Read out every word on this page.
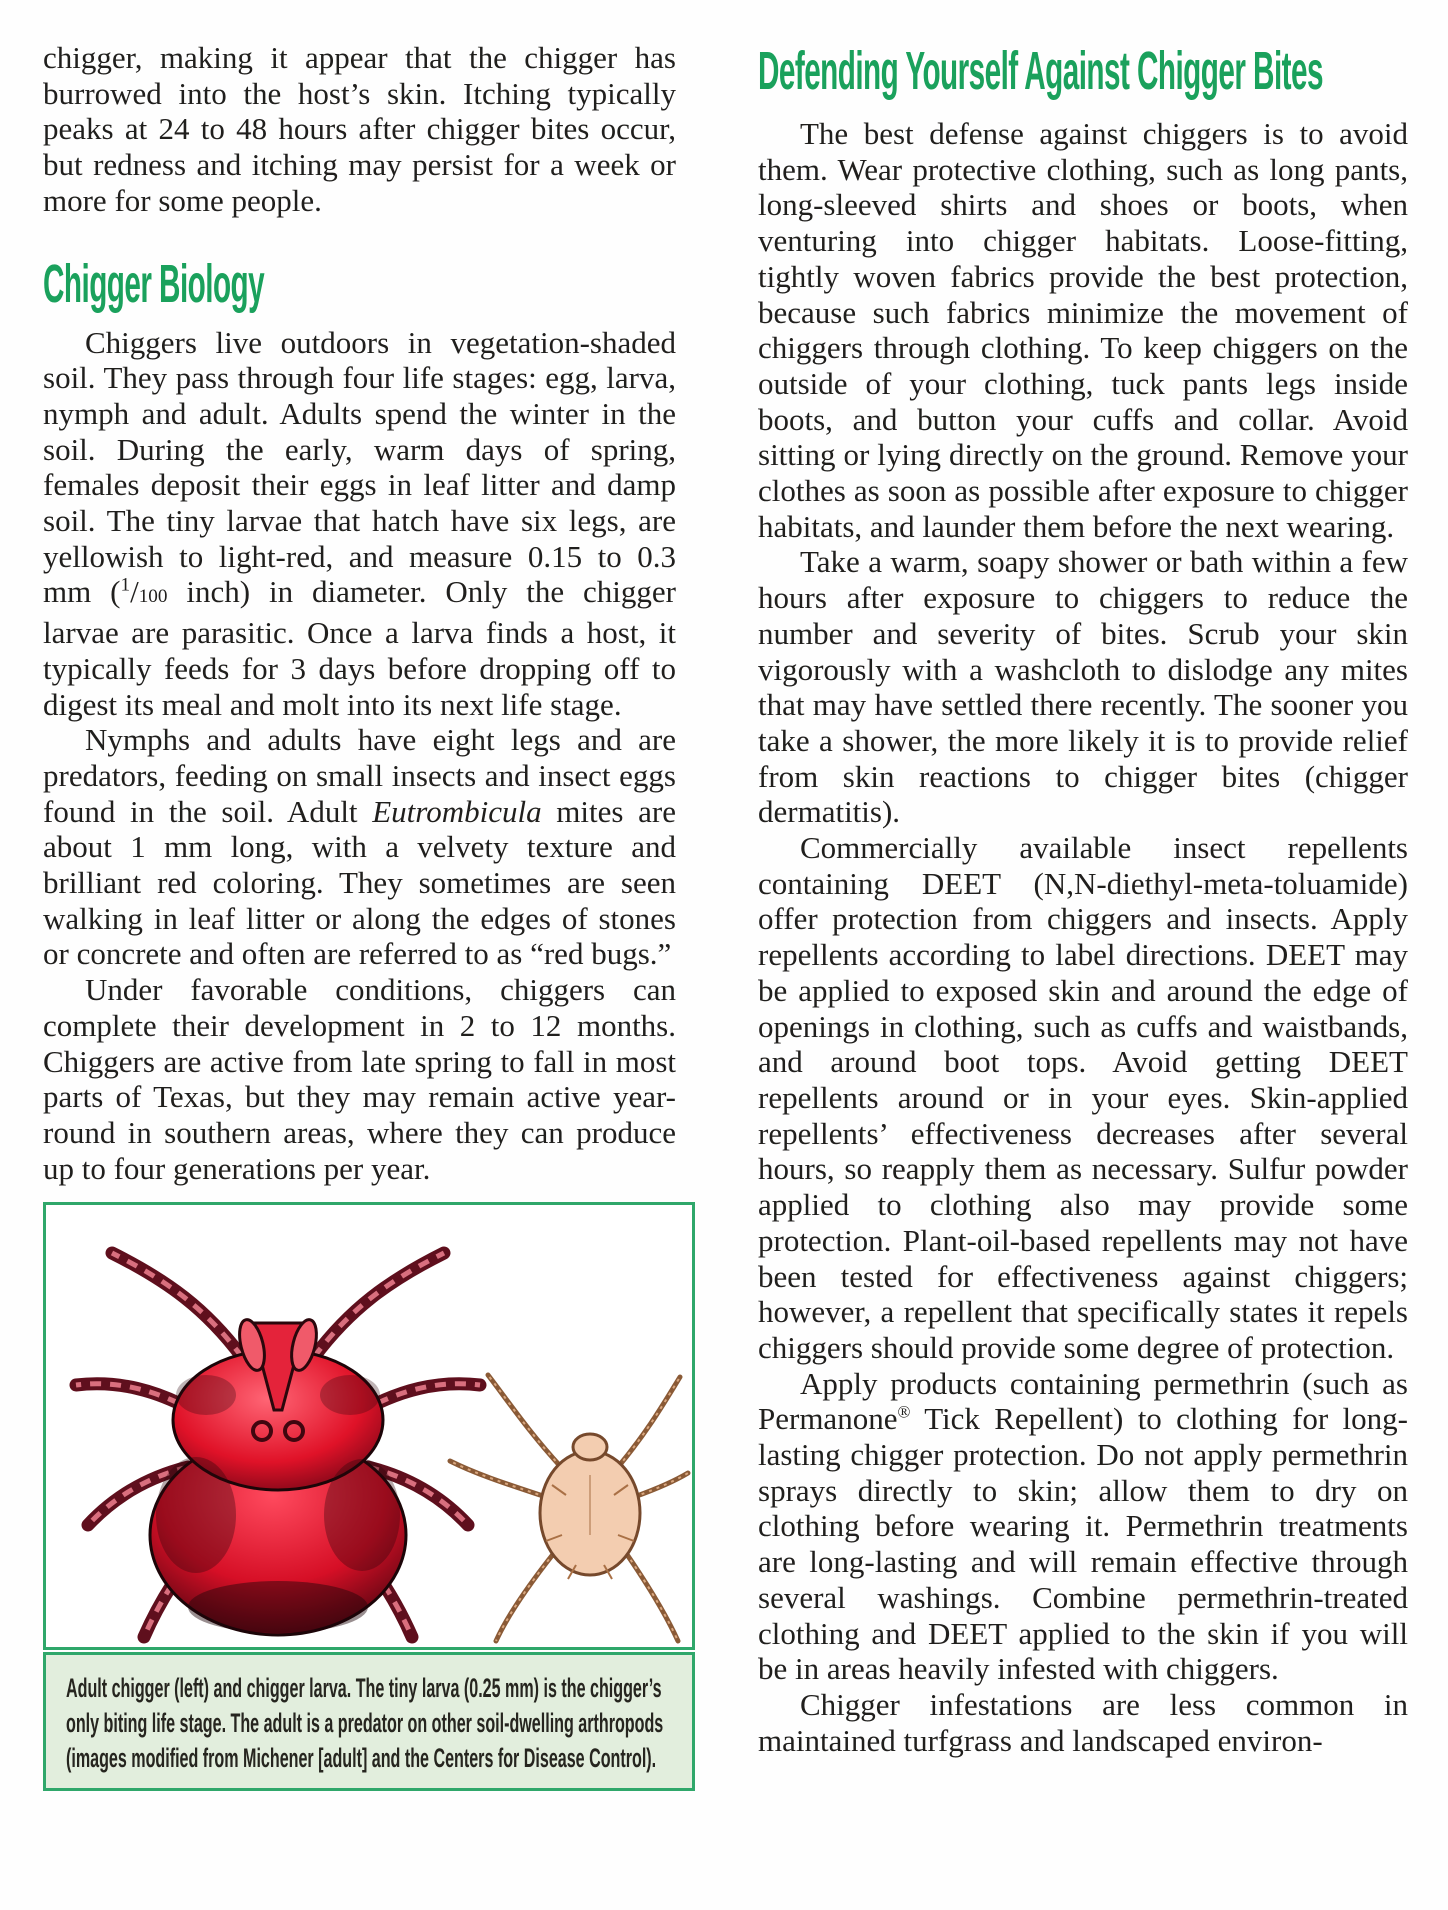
chigger, making it appear that the chigger has burrowed into the host’s skin. Itching typically peaks at 24 to 48 hours after chigger bites occur, but redness and itching may persist for a week or more for some people.

Chigger Biology

Chiggers live outdoors in vegetation-shaded soil. They pass through four life stages: egg, larva, nymph and adult. Adults spend the winter in the soil. During the early, warm days of spring, females deposit their eggs in leaf litter and damp soil. The tiny larvae that hatch have six legs, are yellowish to light-red, and measure 0.15 to 0.3 mm ($^1$/100 inch) in diameter. Only the chigger larvae are parasitic. Once a larva finds a host, it typically feeds for 3 days before dropping off to digest its meal and molt into its next life stage.

Nymphs and adults have eight legs and are predators, feeding on small insects and insect eggs found in the soil. Adult Eutrombicula mites are about 1 mm long, with a velvety texture and brilliant red coloring. They sometimes are seen walking in leaf litter or along the edges of stones or concrete and often are referred to as “red bugs.”

Under favorable conditions, chiggers can complete their development in 2 to 12 months. Chiggers are active from late spring to fall in most parts of Texas, but they may remain active year-round in southern areas, where they can produce up to four generations per year.

Adult chigger (left) and chigger larva. The tiny larva (0.25 mm) is the chigger’s only biting life stage. The adult is a predator on other soil-dwelling arthropods (images modified from Michener [adult] and the Centers for Disease Control).
Defending Yourself Against Chigger Bites

The best defense against chiggers is to avoid them. Wear protective clothing, such as long pants, long-sleeved shirts and shoes or boots, when venturing into chigger habitats. Loose-fitting, tightly woven fabrics provide the best protection, because such fabrics minimize the movement of chiggers through clothing. To keep chiggers on the outside of your clothing, tuck pants legs inside boots, and button your cuffs and collar. Avoid sitting or lying directly on the ground. Remove your clothes as soon as possible after exposure to chigger habitats, and launder them before the next wearing.

Take a warm, soapy shower or bath within a few hours after exposure to chiggers to reduce the number and severity of bites. Scrub your skin vigorously with a washcloth to dislodge any mites that may have settled there recently. The sooner you take a shower, the more likely it is to provide relief from skin reactions to chigger bites (chigger dermatitis).

Commercially available insect repellents containing DEET (N,N-diethyl-meta-toluamide) offer protection from chiggers and insects. Apply repellents according to label directions. DEET may be applied to exposed skin and around the edge of openings in clothing, such as cuffs and waistbands, and around boot tops. Avoid getting DEET repellents around or in your eyes. Skin-applied repellents’ effectiveness decreases after several hours, so reapply them as necessary. Sulfur powder applied to clothing also may provide some protection. Plant-oil-based repellents may not have been tested for effectiveness against chiggers; however, a repellent that specifically states it repels chiggers should provide some degree of protection.

Apply products containing permethrin (such as Permanone® Tick Repellent) to clothing for long-lasting chigger protection. Do not apply permethrin sprays directly to skin; allow them to dry on clothing before wearing it. Permethrin treatments are long-lasting and will remain effective through several washings. Combine permethrin-treated clothing and DEET applied to the skin if you will be in areas heavily infested with chiggers.

Chigger infestations are less common in maintained turfgrass and landscaped environ-
